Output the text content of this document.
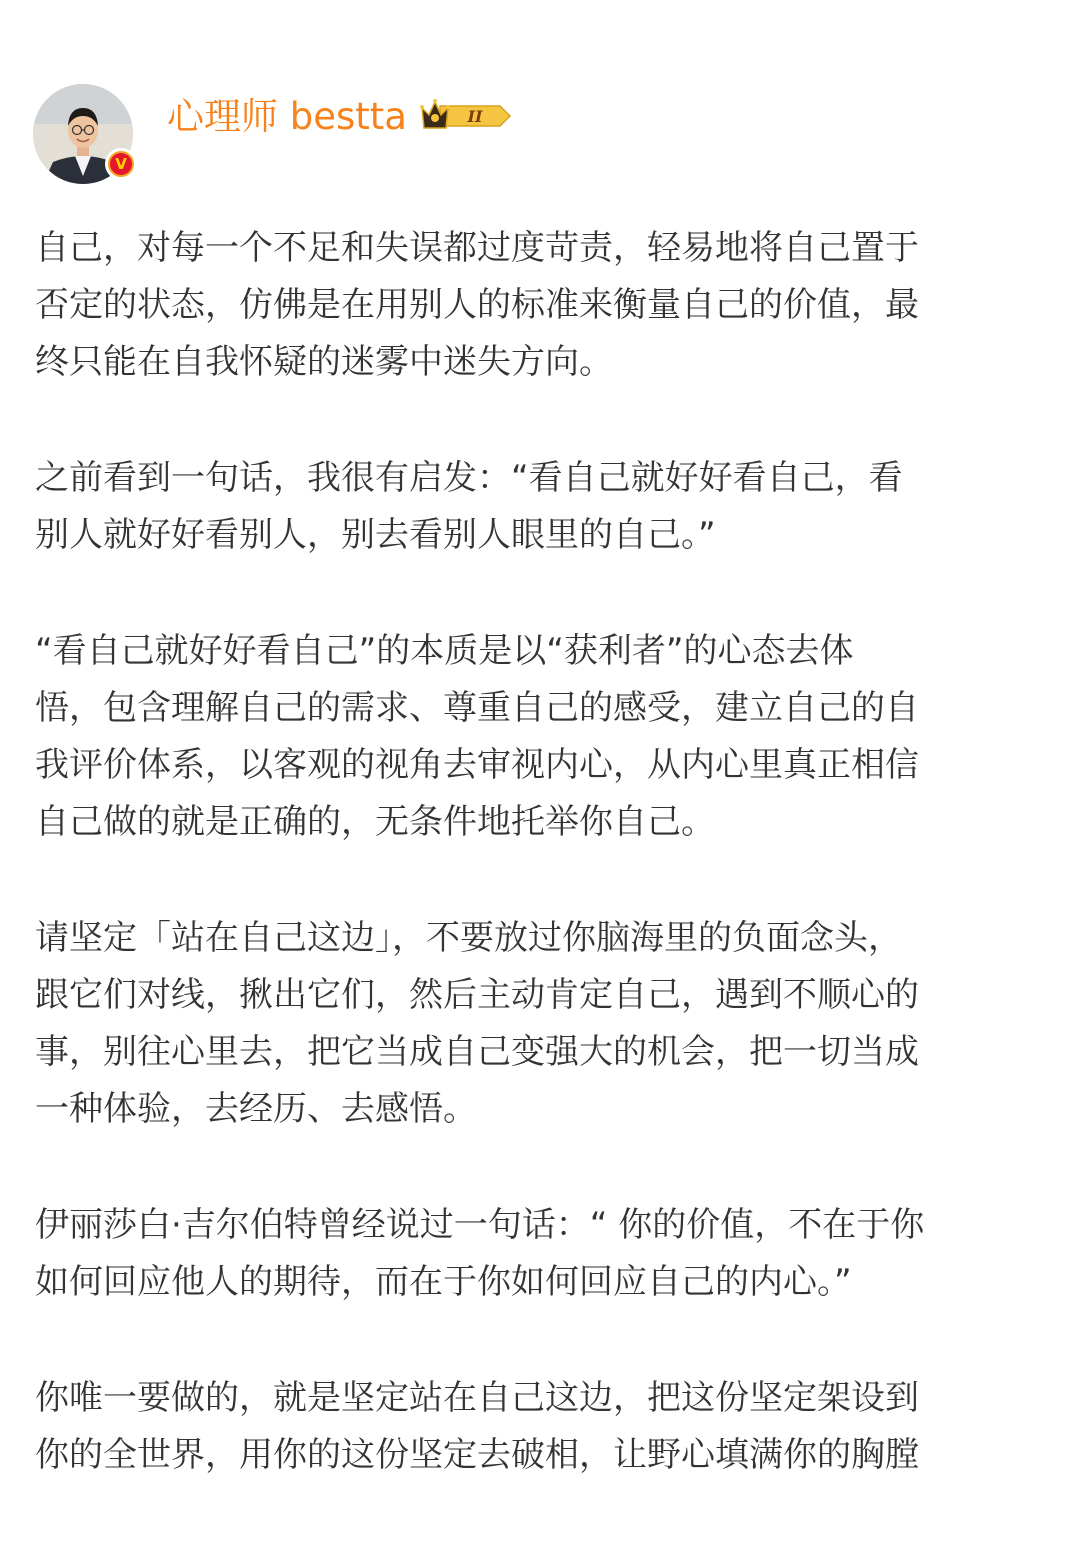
V
心理师 bestta	II

自己，对每一个不足和失误都过度苛责，轻易地将自己置于
否定的状态，仿佛是在用别人的标准来衡量自己的价值，最
终只能在自我怀疑的迷雾中迷失方向。

之前看到一句话，我很有启发：“看自己就好好看自己，看
别人就好好看别人，别去看别人眼里的自己。”

“看自己就好好看自己”的本质是以“获利者”的心态去体
悟，包含理解自己的需求、尊重自己的感受，建立自己的自
我评价体系，以客观的视角去审视内心，从内心里真正相信
自己做的就是正确的，无条件地托举你自己。

请坚定「站在自己这边」，不要放过你脑海里的负面念头，
跟它们对线，揪出它们，然后主动肯定自己，遇到不顺心的
事，别往心里去，把它当成自己变强大的机会，把一切当成
一种体验，去经历、去感悟。

伊丽莎白·吉尔伯特曾经说过一句话：“ 你的价值，不在于你
如何回应他人的期待，而在于你如何回应自己的内心。”

你唯一要做的，就是坚定站在自己这边，把这份坚定架设到
你的全世界，用你的这份坚定去破相，让野心填满你的胸膛
